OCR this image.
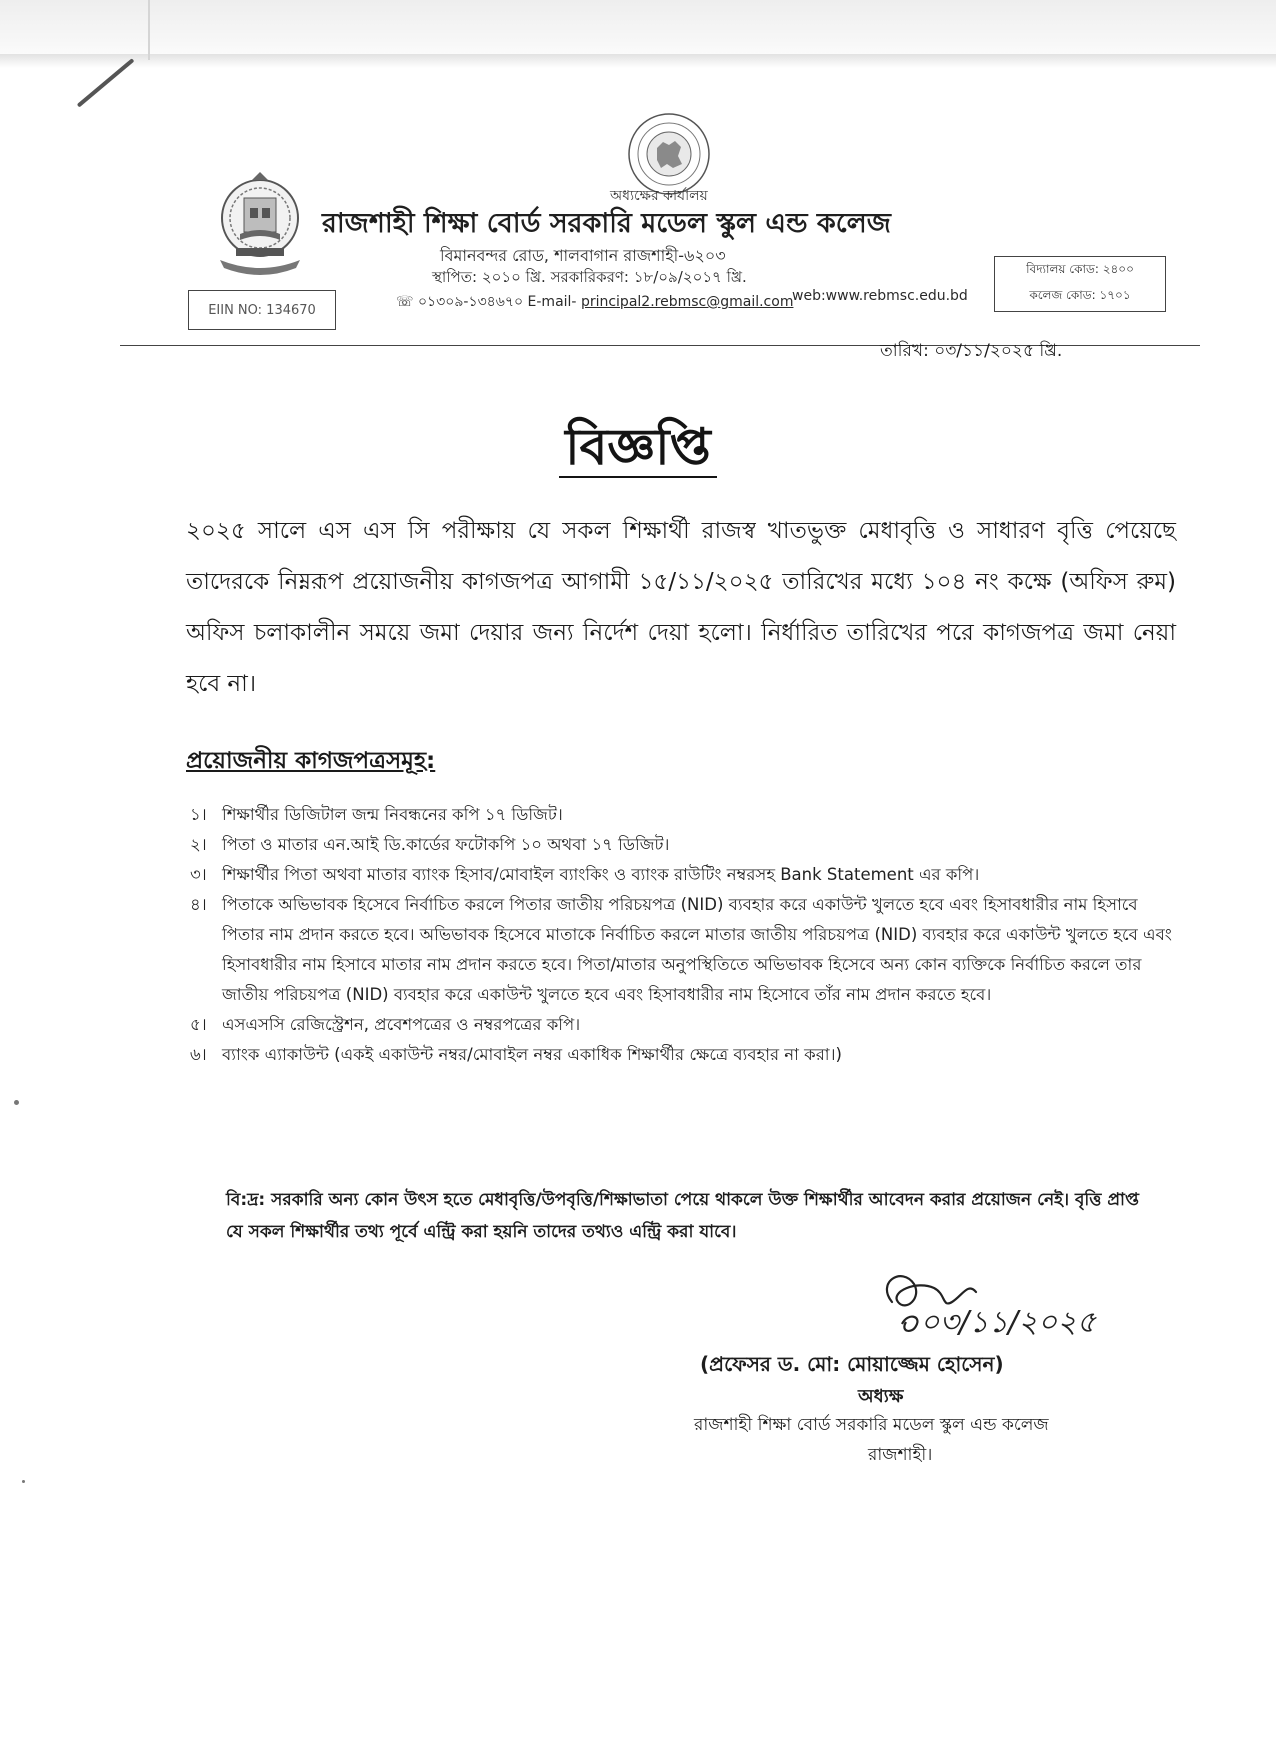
অধ্যক্ষের কার্যালয়
রাজশাহী শিক্ষা বোর্ড সরকারি মডেল স্কুল এন্ড কলেজ
বিমানবন্দর রোড, শালবাগান রাজশাহী-৬২০৩
স্থাপিত: ২০১০ খ্রি. সরকারিকরণ: ১৮/০৯/২০১৭ খ্রি.
☏ ০১৩০৯-১৩৪৬৭০ E-mail- principal2.rebmsc@gmail.com
web:www.rebmsc.edu.bd
EIIN NO: 134670
বিদ্যালয় কোড: ২৪০০
কলেজ কোড: ১৭০১
তারিখ: ০৩/১১/২০২৫ খ্রি.
বিজ্ঞপ্তি
২০২৫ সালে এস এস সি পরীক্ষায় যে সকল শিক্ষার্থী রাজস্ব খাতভুক্ত মেধাবৃত্তি ও সাধারণ বৃত্তি পেয়েছে তাদেরকে নিম্নরূপ প্রয়োজনীয় কাগজপত্র আগামী ১৫/১১/২০২৫ তারিখের মধ্যে ১০৪ নং কক্ষে (অফিস রুম) অফিস চলাকালীন সময়ে জমা দেয়ার জন্য নির্দেশ দেয়া হলো। নির্ধারিত তারিখের পরে কাগজপত্র জমা নেয়া হবে না।
প্রয়োজনীয় কাগজপত্রসমূহ:
১। শিক্ষার্থীর ডিজিটাল জন্ম নিবন্ধনের কপি ১৭ ডিজিট।
২। পিতা ও মাতার এন.আই ডি.কার্ডের ফটোকপি ১০ অথবা ১৭ ডিজিট।
৩। শিক্ষার্থীর পিতা অথবা মাতার ব্যাংক হিসাব/মোবাইল ব্যাংকিং ও ব্যাংক রাউটিং নম্বরসহ Bank Statement এর কপি।
৪। পিতাকে অভিভাবক হিসেবে নির্বাচিত করলে পিতার জাতীয় পরিচয়পত্র (NID) ব্যবহার করে একাউন্ট খুলতে হবে এবং হিসাবধারীর নাম হিসাবে পিতার নাম প্রদান করতে হবে। অভিভাবক হিসেবে মাতাকে নির্বাচিত করলে মাতার জাতীয় পরিচয়পত্র (NID) ব্যবহার করে একাউন্ট খুলতে হবে এবং হিসাবধারীর নাম হিসাবে মাতার নাম প্রদান করতে হবে। পিতা/মাতার অনুপস্থিতিতে অভিভাবক হিসেবে অন্য কোন ব্যক্তিকে নির্বাচিত করলে তার জাতীয় পরিচয়পত্র (NID) ব্যবহার করে একাউন্ট খুলতে হবে এবং হিসাবধারীর নাম হিসোবে তাঁর নাম প্রদান করতে হবে।
৫। এসএসসি রেজিস্ট্রেশন, প্রবেশপত্রের ও নম্বরপত্রের কপি।
৬। ব্যাংক এ্যাকাউন্ট (একই একাউন্ট নম্বর/মোবাইল নম্বর একাধিক শিক্ষার্থীর ক্ষেত্রে ব্যবহার না করা।)
বি:দ্র: সরকারি অন্য কোন উৎস হতে মেধাবৃত্তি/উপবৃত্তি/শিক্ষাভাতা পেয়ে থাকলে উক্ত শিক্ষার্থীর আবেদন করার প্রয়োজন নেই। বৃত্তি প্রাপ্ত যে সকল শিক্ষার্থীর তথ্য পূর্বে এন্ট্রি করা হয়নি তাদের তথ্যও এন্ট্রি করা যাবে।
০৩/১১/২০২৫
(প্রফেসর ড. মো: মোয়াজ্জেম হোসেন)
অধ্যক্ষ
রাজশাহী শিক্ষা বোর্ড সরকারি মডেল স্কুল এন্ড কলেজ
রাজশাহী।
